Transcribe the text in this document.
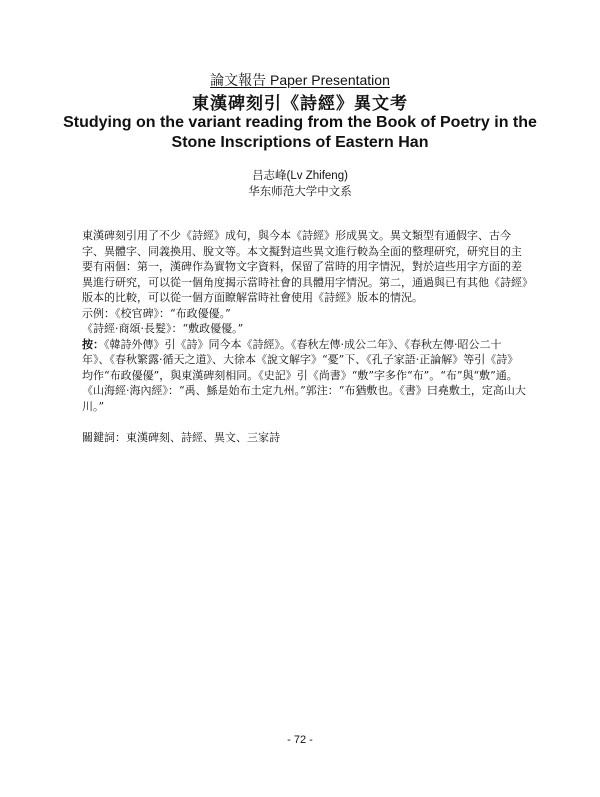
論文報告 Paper Presentation
東漢碑刻引《詩經》異文考
Studying on the variant reading from the Book of Poetry in the Stone Inscriptions of Eastern Han
吕志峰(Lv Zhifeng)
华东师范大学中文系

東漢碑刻引用了不少《詩經》成句，與今本《詩經》形成異文。異文類型有通假字、古今字、異體字、同義換用、脫文等。本文擬對這些異文進行較為全面的整理研究，研究目的主要有兩個：第一，漢碑作為實物文字資料，保留了當時的用字情況，對於這些用字方面的差異進行研究，可以從一個角度揭示當時社會的具體用字情況。第二，通過與已有其他《詩經》版本的比較，可以從一個方面瞭解當時社會使用《詩經》版本的情況。

示例：《校官碑》：“布政優優。”

《詩經·商頌·長髮》：“敷政優優。”

按：《韓詩外傳》引《詩》同今本《詩經》。《春秋左傳·成公二年》、《春秋左傳·昭公二十年》、《春秋繁露·循天之道》、大徐本《說文解字》“憂”下、《孔子家語·正論解》等引《詩》均作“布政優優”，與東漢碑刻相同。《史記》引《尚書》“敷”字多作“布”。“布”與“敷”通。《山海經·海內經》：“禹、鯀是始布土定九州。”郭注：“布猶敷也。《書》曰堯敷土，定高山大川。”

關鍵詞：東漢碑刻、詩經、異文、三家詩

- 72 -
